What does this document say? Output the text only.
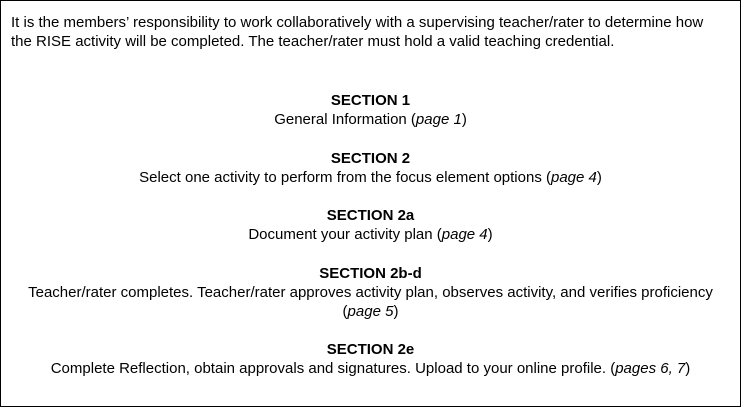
It is the members’ responsibility to work collaboratively with a supervising teacher/rater to determine how the RISE activity will be completed. The teacher/rater must hold a valid teaching credential.
SECTION 1
General Information (page 1)
SECTION 2
Select one activity to perform from the focus element options (page 4)
SECTION 2a
Document your activity plan (page 4)
SECTION 2b-d
Teacher/rater completes. Teacher/rater approves activity plan, observes activity, and verifies proficiency (page 5)
SECTION 2e
Complete Reflection, obtain approvals and signatures. Upload to your online profile. (pages 6, 7)
